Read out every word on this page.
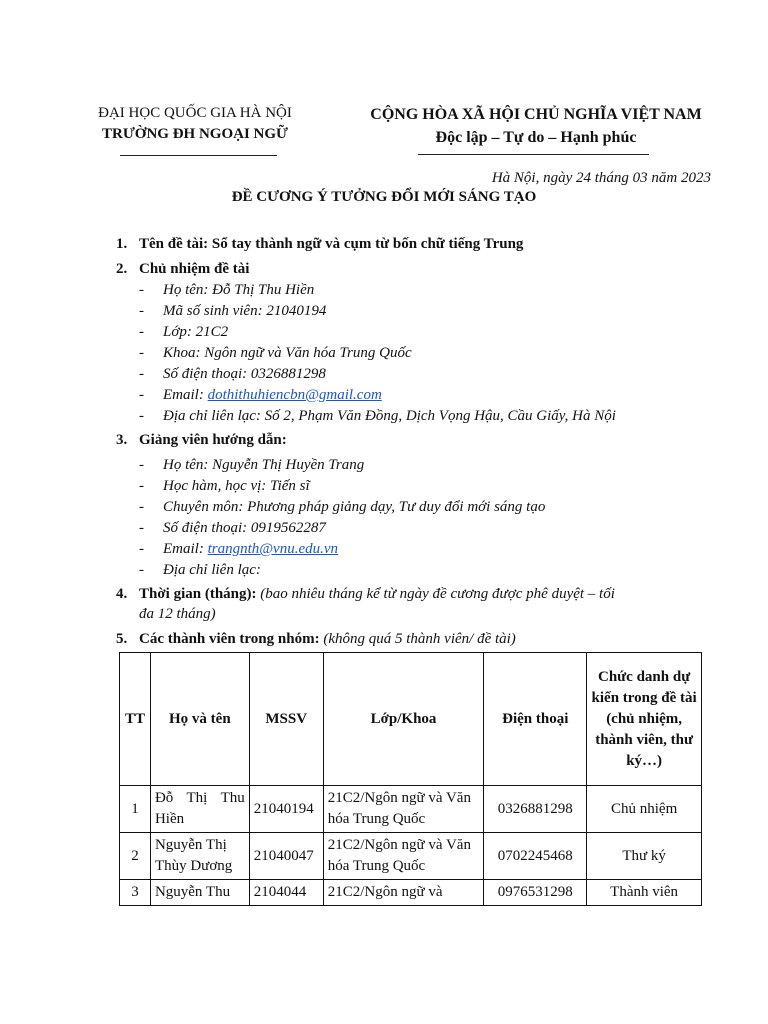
ĐẠI HỌC QUỐC GIA HÀ NỘI
TRƯỜNG ĐH NGOẠI NGỮ
CỘNG HÒA XÃ HỘI CHỦ NGHĨA VIỆT NAM
Độc lập – Tự do – Hạnh phúc
Hà Nội, ngày 24 tháng 03 năm 2023
ĐỀ CƯƠNG Ý TƯỞNG ĐỔI MỚI SÁNG TẠO
1. Tên đề tài: Sổ tay thành ngữ và cụm từ bốn chữ tiếng Trung
2. Chủ nhiệm đề tài
- Họ tên: Đỗ Thị Thu Hiền
- Mã số sinh viên: 21040194
- Lớp: 21C2
- Khoa: Ngôn ngữ và Văn hóa Trung Quốc
- Số điện thoại: 0326881298
- Email: dothithuhiencbn@gmail.com
- Địa chỉ liên lạc: Số 2, Phạm Văn Đồng, Dịch Vọng Hậu, Cầu Giấy, Hà Nội
3. Giảng viên hướng dẫn:
- Họ tên: Nguyễn Thị Huyền Trang
- Học hàm, học vị: Tiến sĩ
- Chuyên môn: Phương pháp giảng dạy, Tư duy đổi mới sáng tạo
- Số điện thoại: 0919562287
- Email: trangnth@vnu.edu.vn
- Địa chỉ liên lạc:
4. Thời gian (tháng): (bao nhiêu tháng kể từ ngày đề cương được phê duyệt – tối
đa 12 tháng)
5. Các thành viên trong nhóm: (không quá 5 thành viên/ đề tài)
TT	Họ và tên	MSSV	Lớp/Khoa	Điện thoại	Chức danh dự kiến trong đề tài (chủ nhiệm, thành viên, thư ký…)
1	Đỗ Thị Thu Hiền	21040194	21C2/Ngôn ngữ và Văn hóa Trung Quốc	0326881298	Chủ nhiệm
2	Nguyễn Thị Thùy Dương	21040047	21C2/Ngôn ngữ và Văn hóa Trung Quốc	0702245468	Thư ký
3	Nguyễn Thu	2104044	21C2/Ngôn ngữ và	0976531298	Thành viên
